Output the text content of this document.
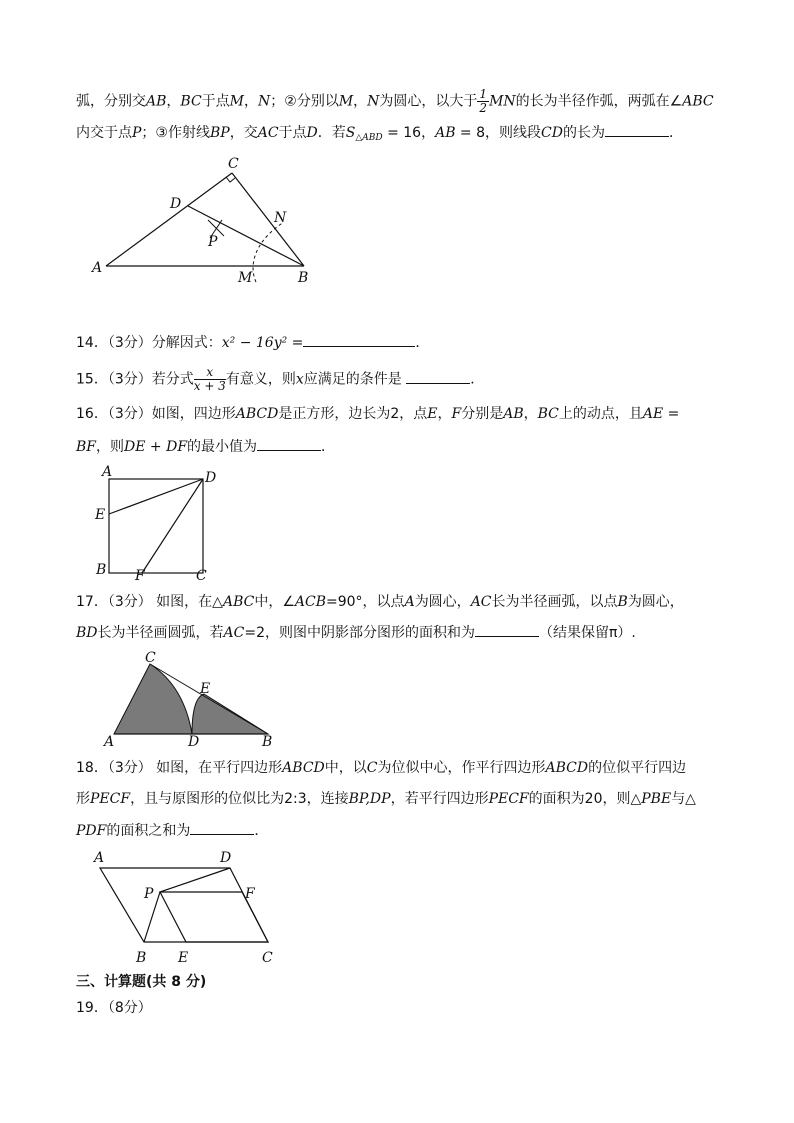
弧，分别交AB，BC于点M，N；②分别以M，N为圆心，以大于 $\frac{1}{2}$ MN的长为半径作弧，两弧在∠ABC
内交于点P；③作射线BP，交AC于点D．若$S_{\triangle ABD} = 16$，AB = 8，则线段CD的长为	．
C
D
N
P
A
M	B
14．（3分）分解因式：x² − 16y² =	．
15．（3分）若分式 $\frac{x}{x + 3}$ 有意义，则x应满足的条件是	．
16．（3分）如图，四边形ABCD是正方形，边长为2，点E，F分别是AB，BC上的动点，且AE =
BF，则DE + DF的最小值为	．
A	D
E
B F	C
17．（3分） 如图，在△ABC中，∠ACB=90°，以点A为圆心，AC长为半径画弧，以点B为圆心，
BD长为半径画圆弧，若AC=2，则图中阴影部分图形的面积和为	（结果保留π）.
C
E
A	D	B
18．（3分） 如图，在平行四边形ABCD中，以C为位似中心，作平行四边形ABCD的位似平行四边
形PECF，且与原图形的位似比为2:3，连接BP,DP，若平行四边形PECF的面积为20，则△PBE与△
PDF的面积之和为	．
A	D
P	F
B E	C
三、计算题(共 8 分)
19．（8分）
